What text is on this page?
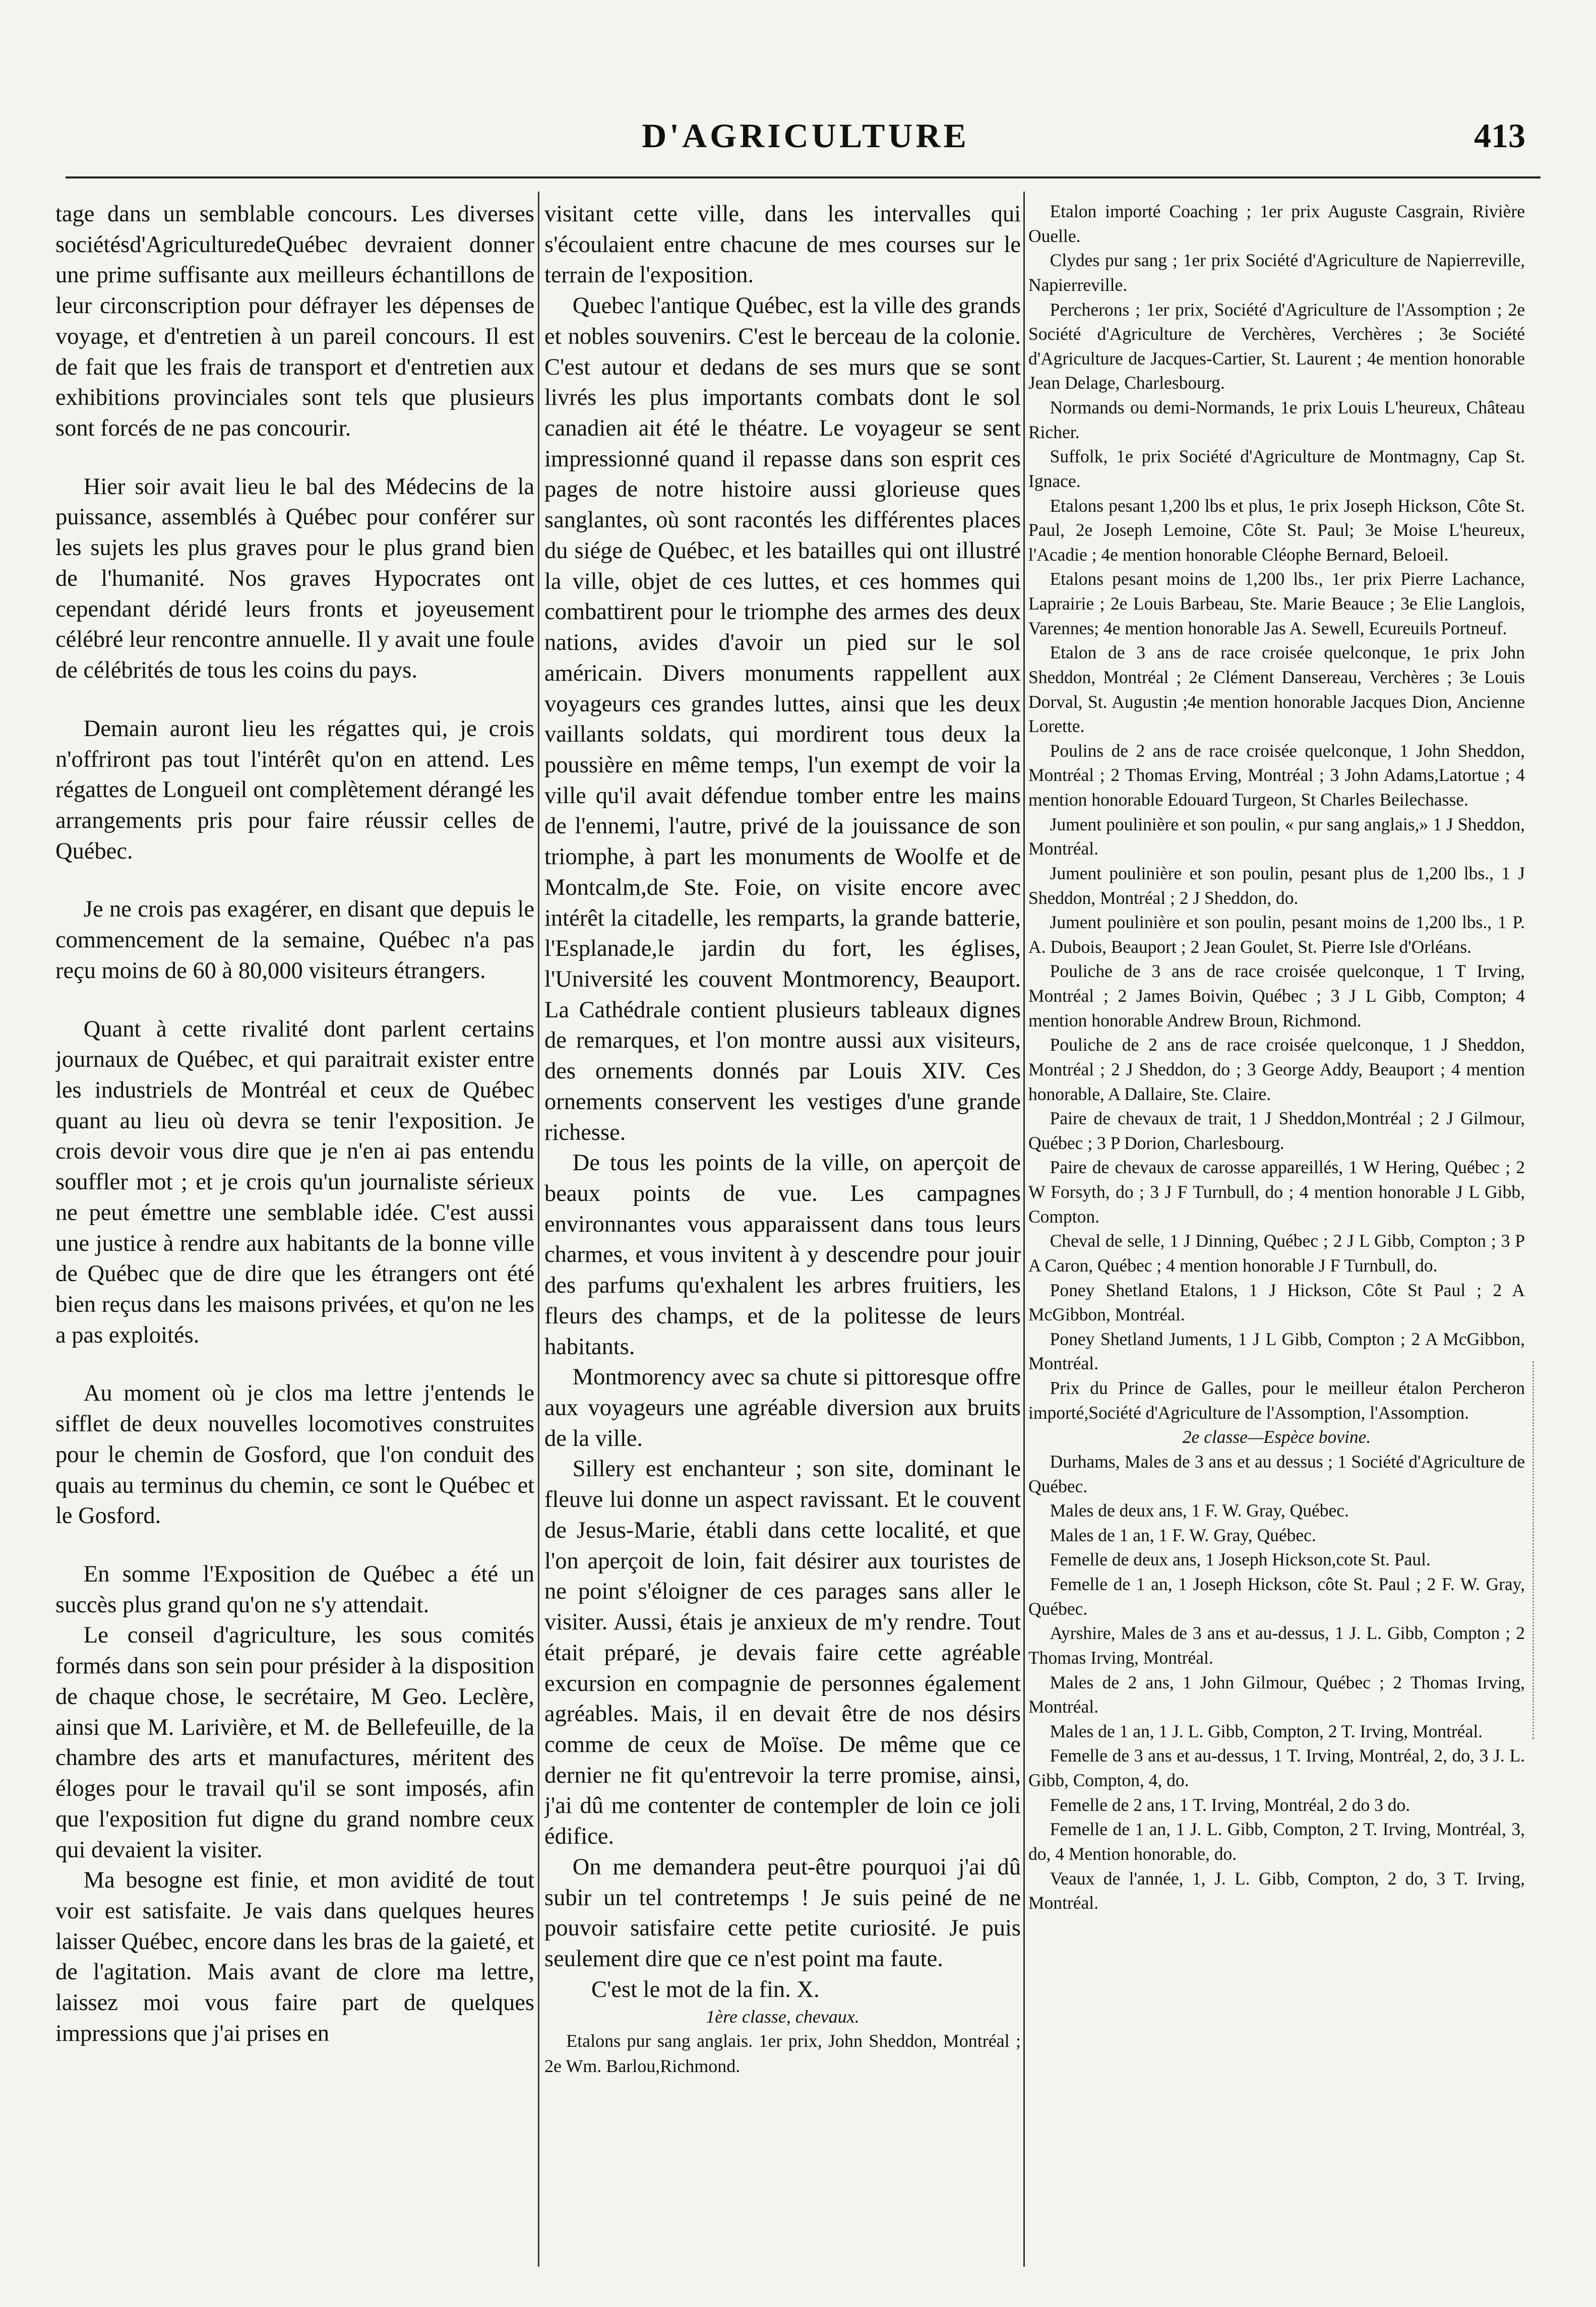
D'AGRICULTURE	413

tage dans un semblable concours. Les diverses sociétésd'AgriculturedeQuébec devraient donner une prime suffisante aux meilleurs échantillons de leur circonscription pour défrayer les dépenses de voyage, et d'entretien à un pareil concours. Il est de fait que les frais de transport et d'entretien aux exhibitions provinciales sont tels que plusieurs sont forcés de ne pas concourir.

Hier soir avait lieu le bal des Médecins de la puissance, assemblés à Québec pour conférer sur les sujets les plus graves pour le plus grand bien de l'humanité. Nos graves Hypocrates ont cependant déridé leurs fronts et joyeusement célébré leur rencontre annuelle. Il y avait une foule de célébrités de tous les coins du pays.

Demain auront lieu les régattes qui, je crois n'offriront pas tout l'intérêt qu'on en attend. Les régattes de Longueil ont complètement dérangé les arrangements pris pour faire réussir celles de Québec.

Je ne crois pas exagérer, en disant que depuis le commencement de la semaine, Québec n'a pas reçu moins de 60 à 80,000 visiteurs étrangers.

Quant à cette rivalité dont parlent certains journaux de Québec, et qui paraitrait exister entre les industriels de Montréal et ceux de Québec quant au lieu où devra se tenir l'exposition. Je crois devoir vous dire que je n'en ai pas entendu souffler mot ; et je crois qu'un journaliste sérieux ne peut émettre une semblable idée. C'est aussi une justice à rendre aux habitants de la bonne ville de Québec que de dire que les étrangers ont été bien reçus dans les maisons privées, et qu'on ne les a pas exploités.

Au moment où je clos ma lettre j'entends le sifflet de deux nouvelles locomotives construites pour le chemin de Gosford, que l'on conduit des quais au terminus du chemin, ce sont le Québec et le Gosford.

En somme l'Exposition de Québec a été un succès plus grand qu'on ne s'y attendait.

Le conseil d'agriculture, les sous comités formés dans son sein pour présider à la disposition de chaque chose, le secrétaire, M Geo. Leclère, ainsi que M. Larivière, et M. de Bellefeuille, de la chambre des arts et manufactures, méritent des éloges pour le travail qu'il se sont imposés, afin que l'exposition fut digne du grand nombre ceux qui devaient la visiter.

Ma besogne est finie, et mon avidité de tout voir est satisfaite. Je vais dans quelques heures laisser Québec, encore dans les bras de la gaieté, et de l'agitation. Mais avant de clore ma lettre, laissez moi vous faire part de quelques impressions que j'ai prises en

visitant cette ville, dans les intervalles qui s'écoulaient entre chacune de mes courses sur le terrain de l'exposition.

Quebec l'antique Québec, est la ville des grands et nobles souvenirs. C'est le berceau de la colonie. C'est autour et dedans de ses murs que se sont livrés les plus importants combats dont le sol canadien ait été le théatre. Le voyageur se sent impressionné quand il repasse dans son esprit ces pages de notre histoire aussi glorieuse ques sanglantes, où sont racontés les différentes places du siége de Québec, et les batailles qui ont illustré la ville, objet de ces luttes, et ces hommes qui combattirent pour le triomphe des armes des deux nations, avides d'avoir un pied sur le sol américain. Divers monuments rappellent aux voyageurs ces grandes luttes, ainsi que les deux vaillants soldats, qui mordirent tous deux la poussière en même temps, l'un exempt de voir la ville qu'il avait défendue tomber entre les mains de l'ennemi, l'autre, privé de la jouissance de son triomphe, à part les monuments de Woolfe et de Montcalm,de Ste. Foie, on visite encore avec intérêt la citadelle, les remparts, la grande batterie, l'Esplanade,le jardin du fort, les églises, l'Université les couvent Montmorency, Beauport. La Cathédrale contient plusieurs tableaux dignes de remarques, et l'on montre aussi aux visiteurs, des ornements donnés par Louis XIV. Ces ornements conservent les vestiges d'une grande richesse.

De tous les points de la ville, on aperçoit de beaux points de vue. Les campagnes environnantes vous apparaissent dans tous leurs charmes, et vous invitent à y descendre pour jouir des parfums qu'exhalent les arbres fruitiers, les fleurs des champs, et de la politesse de leurs habitants.

Montmorency avec sa chute si pittoresque offre aux voyageurs une agréable diversion aux bruits de la ville.

Sillery est enchanteur ; son site, dominant le fleuve lui donne un aspect ravissant. Et le couvent de Jesus-Marie, établi dans cette localité, et que l'on aperçoit de loin, fait désirer aux touristes de ne point s'éloigner de ces parages sans aller le visiter. Aussi, étais je anxieux de m'y rendre. Tout était préparé, je devais faire cette agréable excursion en compagnie de personnes également agréables. Mais, il en devait être de nos désirs comme de ceux de Moïse. De même que ce dernier ne fit qu'entrevoir la terre promise, ainsi, j'ai dû me contenter de contempler de loin ce joli édifice.

On me demandera peut-être pourquoi j'ai dû subir un tel contretemps ! Je suis peiné de ne pouvoir satisfaire cette petite curiosité. Je puis seulement dire que ce n'est point ma faute.

C'est le mot de la fin. X.

1ère classe, chevaux.

Etalons pur sang anglais. 1er prix, John Sheddon, Montréal ; 2e Wm. Barlou,Richmond.

Etalon importé Coaching ; 1er prix Auguste Casgrain, Rivière Ouelle.

Clydes pur sang ; 1er prix Société d'Agriculture de Napierreville, Napierreville.

Percherons ; 1er prix, Société d'Agriculture de l'Assomption ; 2e Société d'Agriculture de Verchères, Verchères ; 3e Société d'Agriculture de Jacques-Cartier, St. Laurent ; 4e mention honorable Jean Delage, Charlesbourg.

Normands ou demi-Normands, 1e prix Louis L'heureux, Château Richer.

Suffolk, 1e prix Société d'Agriculture de Montmagny, Cap St. Ignace.

Etalons pesant 1,200 lbs et plus, 1e prix Joseph Hickson, Côte St. Paul, 2e Joseph Lemoine, Côte St. Paul; 3e Moise L'heureux, l'Acadie ; 4e mention honorable Cléophe Bernard, Beloeil.

Etalons pesant moins de 1,200 lbs., 1er prix Pierre Lachance, Laprairie ; 2e Louis Barbeau, Ste. Marie Beauce ; 3e Elie Langlois, Varennes; 4e mention honorable Jas A. Sewell, Ecureuils Portneuf.

Etalon de 3 ans de race croisée quelconque, 1e prix John Sheddon, Montréal ; 2e Clément Dansereau, Verchères ; 3e Louis Dorval, St. Augustin ;4e mention honorable Jacques Dion, Ancienne Lorette.

Poulins de 2 ans de race croisée quelconque, 1 John Sheddon, Montréal ; 2 Thomas Erving, Montréal ; 3 John Adams,Latortue ; 4 mention honorable Edouard Turgeon, St Charles Beilechasse.

Jument poulinière et son poulin, « pur sang anglais,» 1 J Sheddon, Montréal.

Jument poulinière et son poulin, pesant plus de 1,200 lbs., 1 J Sheddon, Montréal ; 2 J Sheddon, do.

Jument poulinière et son poulin, pesant moins de 1,200 lbs., 1 P. A. Dubois, Beauport ; 2 Jean Goulet, St. Pierre Isle d'Orléans.

Pouliche de 3 ans de race croisée quelconque, 1 T Irving, Montréal ; 2 James Boivin, Québec ; 3 J L Gibb, Compton; 4 mention honorable Andrew Broun, Richmond.

Pouliche de 2 ans de race croisée quelconque, 1 J Sheddon, Montréal ; 2 J Sheddon, do ; 3 George Addy, Beauport ; 4 mention honorable, A Dallaire, Ste. Claire.

Paire de chevaux de trait, 1 J Sheddon,Montréal ; 2 J Gilmour, Québec ; 3 P Dorion, Charlesbourg.

Paire de chevaux de carosse appareillés, 1 W Hering, Québec ; 2 W Forsyth, do ; 3 J F Turnbull, do ; 4 mention honorable J L Gibb, Compton.

Cheval de selle, 1 J Dinning, Québec ; 2 J L Gibb, Compton ; 3 P A Caron, Québec ; 4 mention honorable J F Turnbull, do.

Poney Shetland Etalons, 1 J Hickson, Côte St Paul ; 2 A McGibbon, Montréal.

Poney Shetland Juments, 1 J L Gibb, Compton ; 2 A McGibbon, Montréal.

Prix du Prince de Galles, pour le meilleur étalon Percheron importé,Société d'Agriculture de l'Assomption, l'Assomption.

2e classe—Espèce bovine.

Durhams, Males de 3 ans et au dessus ; 1 Société d'Agriculture de Québec.

Males de deux ans, 1 F. W. Gray, Québec.

Males de 1 an, 1 F. W. Gray, Québec.

Femelle de deux ans, 1 Joseph Hickson,cote St. Paul.

Femelle de 1 an, 1 Joseph Hickson, côte St. Paul ; 2 F. W. Gray, Québec.

Ayrshire, Males de 3 ans et au-dessus, 1 J. L. Gibb, Compton ; 2 Thomas Irving, Montréal.

Males de 2 ans, 1 John Gilmour, Québec ; 2 Thomas Irving, Montréal.

Males de 1 an, 1 J. L. Gibb, Compton, 2 T. Irving, Montréal.

Femelle de 3 ans et au-dessus, 1 T. Irving, Montréal, 2, do, 3 J. L. Gibb, Compton, 4, do.

Femelle de 2 ans, 1 T. Irving, Montréal, 2 do 3 do.

Femelle de 1 an, 1 J. L. Gibb, Compton, 2 T. Irving, Montréal, 3, do, 4 Mention honorable, do.

Veaux de l'année, 1, J. L. Gibb, Compton, 2 do, 3 T. Irving, Montréal.
